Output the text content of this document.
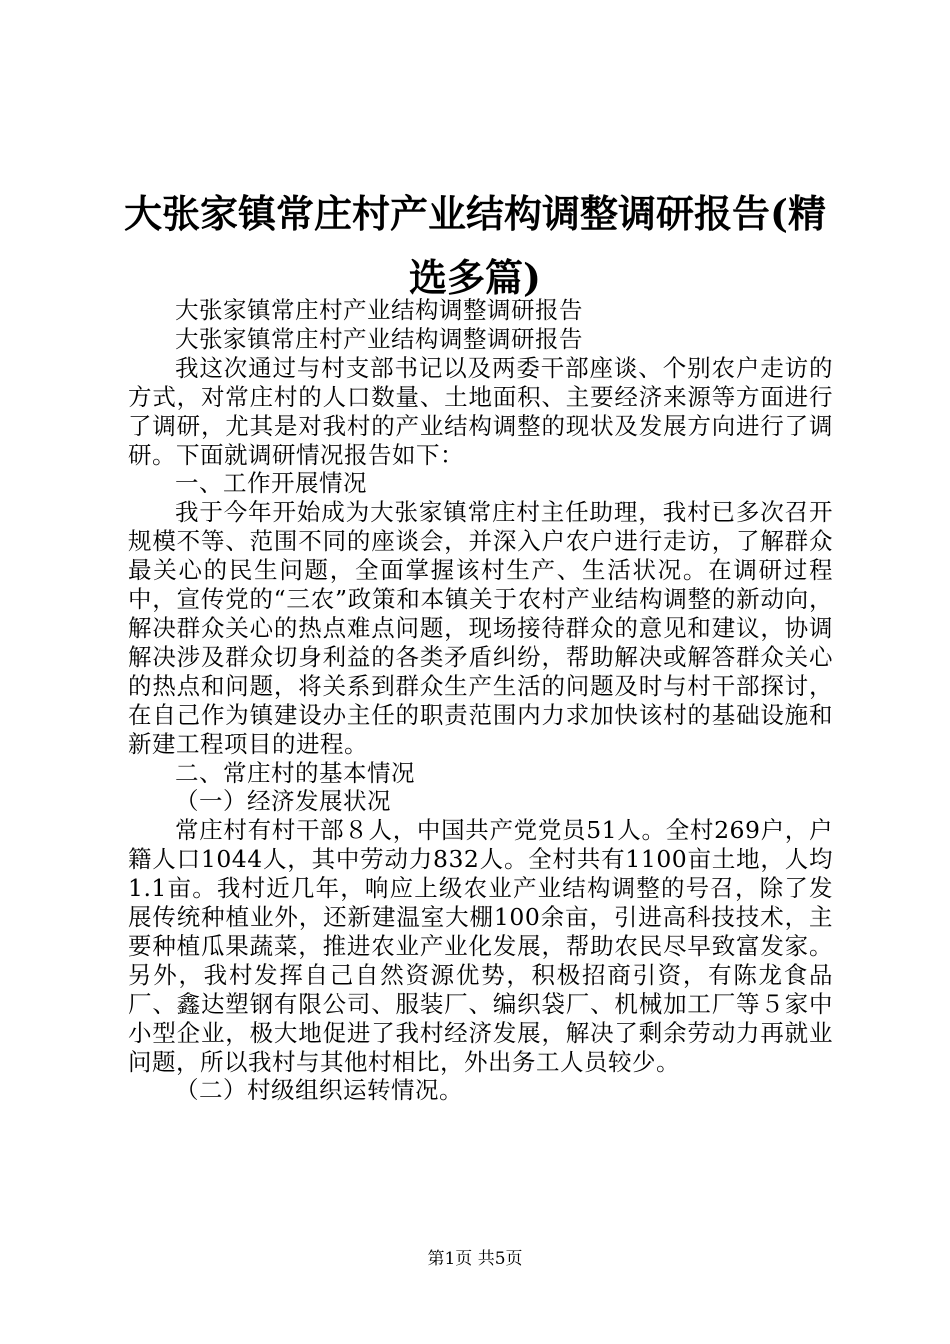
大张家镇常庄村产业结构调整调研报告(精选多篇)

大张家镇常庄村产业结构调整调研报告

大张家镇常庄村产业结构调整调研报告

我这次通过与村支部书记以及两委干部座谈、个别农户走访的方式，对常庄村的人口数量、土地面积、主要经济来源等方面进行了调研，尤其是对我村的产业结构调整的现状及发展方向进行了调研。下面就调研情况报告如下：

一、工作开展情况

我于今年开始成为大张家镇常庄村主任助理，我村已多次召开规模不等、范围不同的座谈会，并深入户农户进行走访，了解群众最关心的民生问题，全面掌握该村生产、生活状况。在调研过程中，宣传党的“三农”政策和本镇关于农村产业结构调整的新动向，解决群众关心的热点难点问题，现场接待群众的意见和建议，协调解决涉及群众切身利益的各类矛盾纠纷，帮助解决或解答群众关心的热点和问题，将关系到群众生产生活的问题及时与村干部探讨，在自己作为镇建设办主任的职责范围内力求加快该村的基础设施和新建工程项目的进程。

二、常庄村的基本情况

（一）经济发展状况

常庄村有村干部８人，中国共产党党员51人。全村269户，户籍人口1044人，其中劳动力832人。全村共有1100亩土地，人均1.1亩。我村近几年，响应上级农业产业结构调整的号召，除了发展传统种植业外，还新建温室大棚100余亩，引进高科技技术，主要种植瓜果蔬菜，推进农业产业化发展，帮助农民尽早致富发家。另外，我村发挥自己自然资源优势，积极招商引资，有陈龙食品厂、鑫达塑钢有限公司、服装厂、编织袋厂、机械加工厂等５家中小型企业，极大地促进了我村经济发展，解决了剩余劳动力再就业问题，所以我村与其他村相比，外出务工人员较少。

（二）村级组织运转情况。

第1页 共5页
